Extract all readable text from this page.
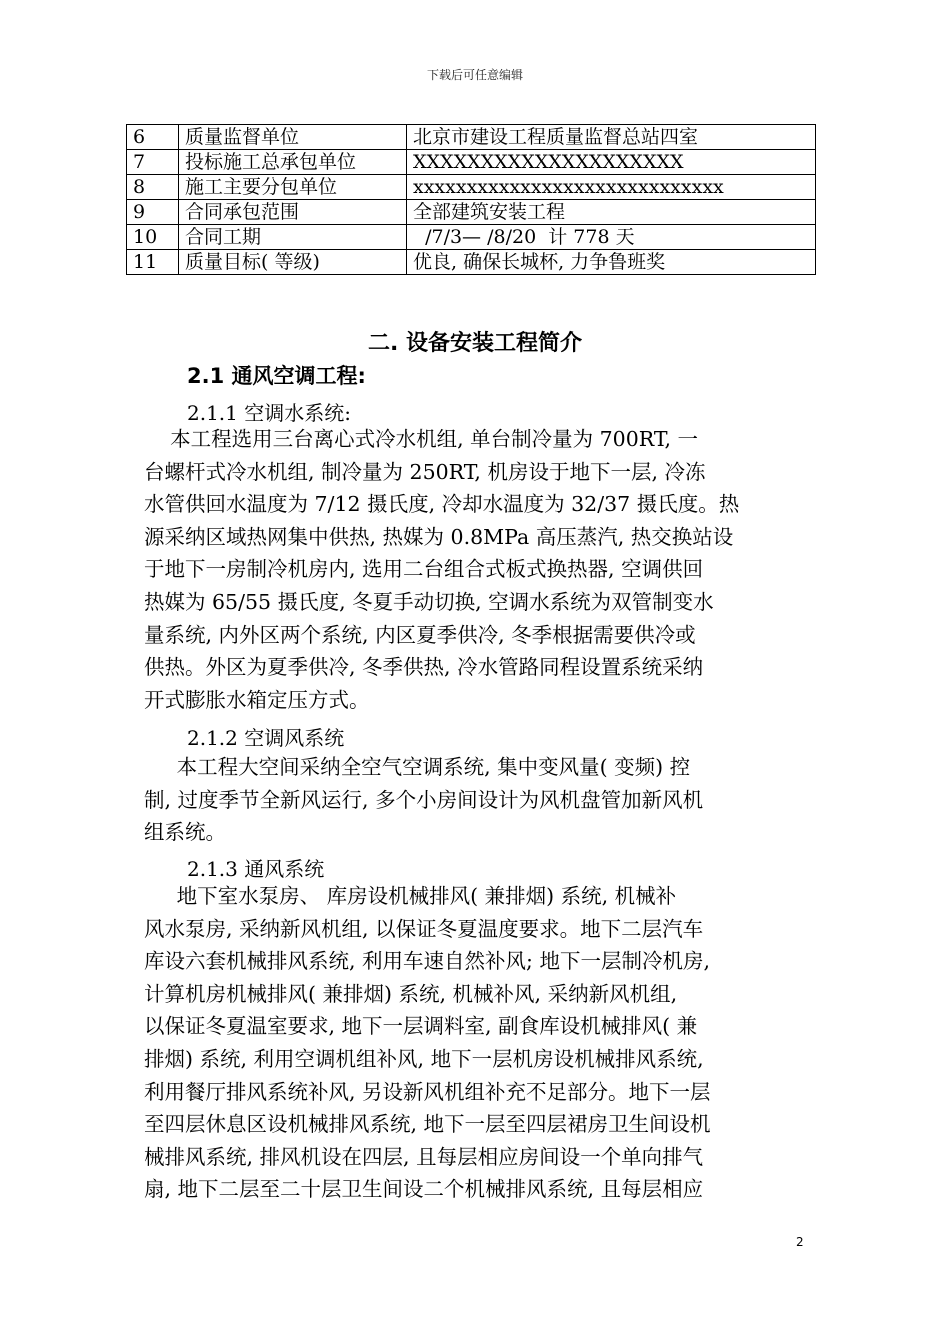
下载后可任意编辑
6	质量监督单位	北京市建设工程质量监督总站四室
7	投标施工总承包单位	XXXXXXXXXXXXXXXXXXXX
8	施工主要分包单位	xxxxxxxxxxxxxxxxxxxxxxxxxxxxx
9	合同承包范围	全部建筑安装工程
10	合同工期	/7/3— /8/20  计 778 天
11	质量目标( 等级)	优良, 确保长城杯, 力争鲁班奖
二. 设备安装工程简介
2.1 通风空调工程:
2.1.1 空调水系统:
本工程选用三台离心式冷水机组, 单台制冷量为 700RT, 一
台螺杆式冷水机组, 制冷量为 250RT, 机房设于地下一层, 冷冻
水管供回水温度为 7/12 摄氏度, 冷却水温度为 32/37 摄氏度。热
源采纳区域热网集中供热, 热媒为 0.8MPa 高压蒸汽, 热交换站设
于地下一房制冷机房内, 选用二台组合式板式换热器, 空调供回
热媒为 65/55 摄氏度, 冬夏手动切换, 空调水系统为双管制变水
量系统, 内外区两个系统, 内区夏季供冷, 冬季根据需要供冷或
供热。外区为夏季供冷, 冬季供热, 冷水管路同程设置系统采纳
开式膨胀水箱定压方式。
2.1.2 空调风系统
本工程大空间采纳全空气空调系统, 集中变风量( 变频) 控
制, 过度季节全新风运行, 多个小房间设计为风机盘管加新风机
组系统。
2.1.3 通风系统
地下室水泵房、 库房设机械排风( 兼排烟) 系统, 机械补
风水泵房, 采纳新风机组, 以保证冬夏温度要求。地下二层汽车
库设六套机械排风系统, 利用车速自然补风; 地下一层制冷机房,
计算机房机械排风( 兼排烟) 系统, 机械补风, 采纳新风机组,
以保证冬夏温室要求, 地下一层调料室, 副食库设机械排风( 兼
排烟) 系统, 利用空调机组补风, 地下一层机房设机械排风系统,
利用餐厅排风系统补风, 另设新风机组补充不足部分。地下一层
至四层休息区设机械排风系统, 地下一层至四层裙房卫生间设机
械排风系统, 排风机设在四层, 且每层相应房间设一个单向排气
扇, 地下二层至二十层卫生间设二个机械排风系统, 且每层相应
2
